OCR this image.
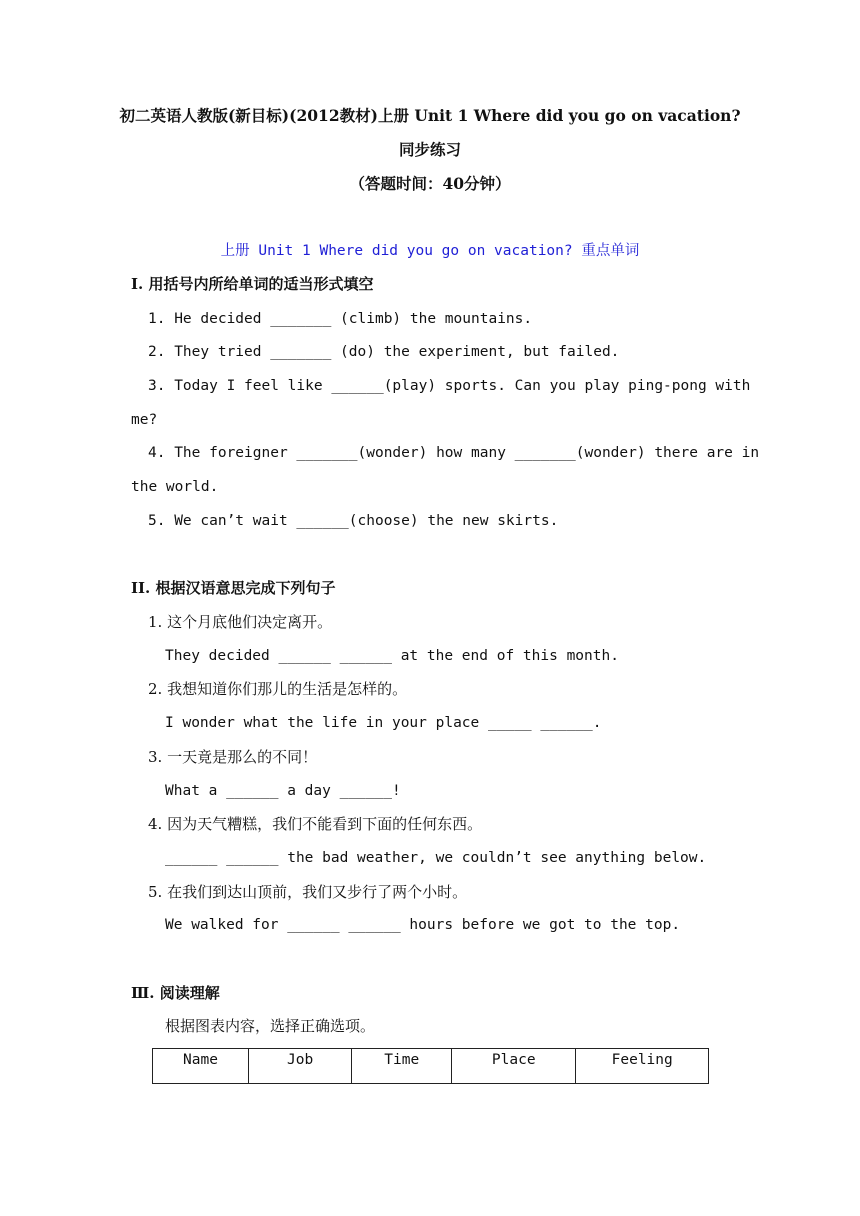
初二英语人教版(新目标)(2012教材)上册 Unit 1 Where did you go on vacation?
同步练习
（答题时间：40分钟）
上册 Unit 1 Where did you go on vacation? 重点单词
I. 用括号内所给单词的适当形式填空
1. He decided _______ (climb) the mountains.
2. They tried _______ (do) the experiment, but failed.
3. Today I feel like ______(play) sports. Can you play ping-pong with
me?
4. The foreigner _______(wonder) how many _______(wonder) there are in
the world.
5. We can’t wait ______(choose) the new skirts.
II. 根据汉语意思完成下列句子
1. 这个月底他们决定离开。
They decided ______ ______ at the end of this month.
2. 我想知道你们那儿的生活是怎样的。
I wonder what the life in your place _____ ______.
3. 一天竟是那么的不同！
What a ______ a day ______!
4. 因为天气糟糕，我们不能看到下面的任何东西。
______ ______ the bad weather, we couldn’t see anything below.
5. 在我们到达山顶前，我们又步行了两个小时。
We walked for ______ ______ hours before we got to the top.
Ⅲ. 阅读理解
根据图表内容，选择正确选项。
Name	Job	Time	Place	Feeling
